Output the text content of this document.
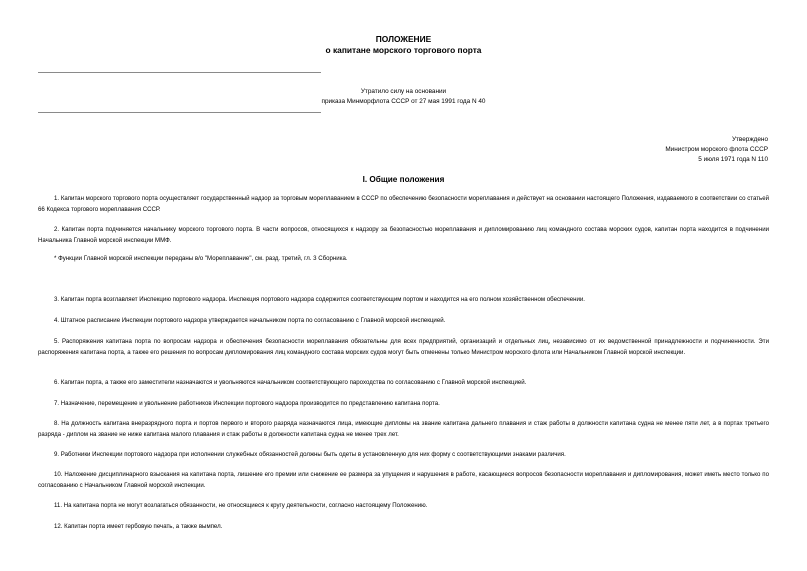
ПОЛОЖЕНИЕ
о капитане морского торгового порта
Утратило силу на основании
приказа Минморфлота СССР от 27 мая 1991 года N 40
Утверждено
Министром морского флота СССР
5 июля 1971 года N 110
I. Общие положения

1. Капитан морского торгового порта осуществляет государственный надзор за торговым мореплаванием в СССР по обеспечению безопасности мореплавания и действует на основании настоящего Положения, издаваемого в соответствии со статьей 66 Кодекса торгового мореплавания СССР.

2. Капитан порта подчиняется начальнику морского торгового порта. В части вопросов, относящихся к надзору за безопасностью мореплавания и дипломированию лиц командного состава морских судов, капитан порта находится в подчинении Начальника Главной морской инспекции ММФ.

* Функции Главной морской инспекции переданы в/о "Мореплавание", см. разд. третий, гл. 3 Сборника.

3. Капитан порта возглавляет Инспекцию портового надзора. Инспекция портового надзора содержится соответствующим портом и находится на его полном хозяйственном обеспечении.

4. Штатное расписание Инспекции портового надзора утверждается начальником порта по согласованию с Главной морской инспекцией.

5. Распоряжения капитана порта по вопросам надзора и обеспечения безопасности мореплавания обязательны для всех предприятий, организаций и отдельных лиц, независимо от их ведомственной принадлежности и подчиненности. Эти распоряжения капитана порта, а также его решения по вопросам дипломирования лиц командного состава морских судов могут быть отменены только Министром морского флота или Начальником Главной морской инспекции.

6. Капитан порта, а также его заместители назначаются и увольняются начальником соответствующего пароходства по согласованию с Главной морской инспекцией.

7. Назначение, перемещение и увольнение работников Инспекции портового надзора производится по представлению капитана порта.

8. На должность капитана внеразрядного порта и портов первого и второго разряда назначаются лица, имеющие дипломы на звание капитана дальнего плавания и стаж работы в должности капитана судна не менее пяти лет, а в портах третьего разряда - диплом на звание не ниже капитана малого плавания и стаж работы в должности капитана судна не менее трех лет.

9. Работники Инспекции портового надзора при исполнении служебных обязанностей должны быть одеты в установленную для них форму с соответствующими знаками различия.

10. Наложение дисциплинарного взыскания на капитана порта, лишение его премии или снижение ее размера за упущения и нарушения в работе, касающиеся вопросов безопасности мореплавания и дипломирования, может иметь место только по согласованию с Начальником Главной морской инспекции.

11. На капитана порта не могут возлагаться обязанности, не относящиеся к кругу деятельности, согласно настоящему Положению.

12. Капитан порта имеет гербовую печать, а также вымпел.
